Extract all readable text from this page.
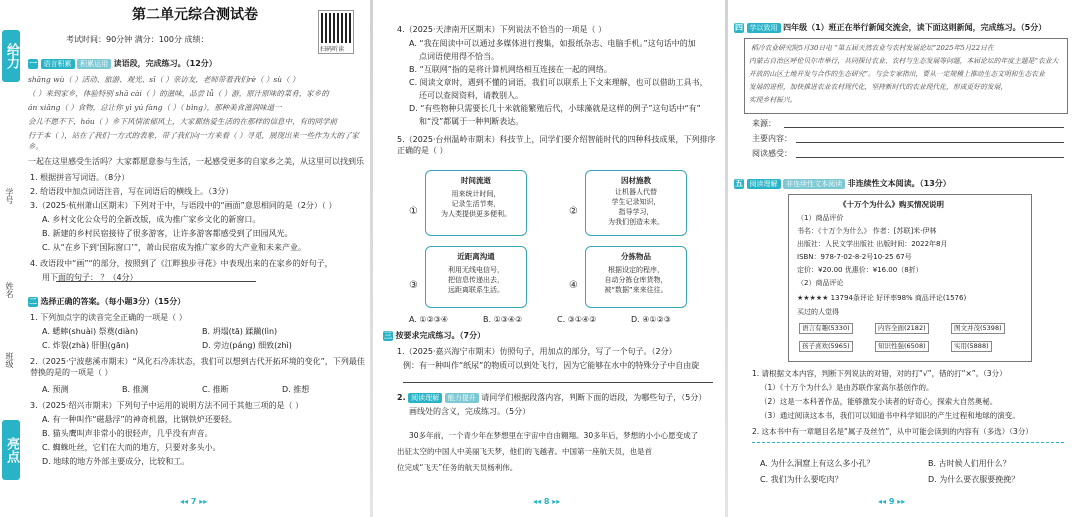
给力
学号
姓名
班级
亮点
第二单元综合测试卷
考试时间：90分钟 满分：100分 成绩：
扫码听读
一 语言积累 积累运用 读语段，完成练习。（12分）
shāng wù（ ）活动、旅游、观光、sī（ ）亲访友，老师带着我们rè（ ）sù（ ）
（ ）来到家乡，体验特别 shā cài（ ）的滋味，品尝 lǚ（ ）游，原汁原味的菜肴，家乡的
án xiǎng（ ）食物，总让你 yì yú fàng（ ）（ bìng），那种美食滋润味道一
会儿不愿不下，hóu（ ）乡下风情浓郁风土，大家都热爱生活的在那样的信息中，有的同学前
行于本（ ），站在了我们一方式的表象，带了我们向一方来看（ ）寻觅，展现出来一些作为大的了家乡。
一起在这里感受生活吗？大家都愿意参与生活，一起感受更多的自家乡之美，从这里可以找到乐
1. 根据拼音写词语。（8分）
2. 给语段中加点词语注音，写在词语后的横线上。（3分）
3.（2025·杭州萧山区期末）下列对于中，与语段中的“画面”意思相同的是（2分）（ ）
A. 乡村文化公众号的全新改版，成为推广家乡文化的新窗口。
B. 新建的乡村民宿接待了很多游客，让许多游客都感受到了田园风光。
C. 从“在乡下到‘国际窗口’”，萧山民宿成为推广家乡的大产业和未来产业。
4. 改语段中“画”“的部分，按照到了《江畔独步寻花》中表现出来的在家乡的好句子，
用下面的句子： ？（4分）
二 选择正确的答案。（每小题3分）（15分）
1. 下列加点字的读音完全正确的一项是（ ）
A. 蟋蟀(shuài) 祭奠(diàn)	B. 坍塌(tā) 蹂躏(lìn)
C. 炸裂(zhà) 肝胆(gān)	D. 旁边(páng) 细致(zhì)
2.（2025·宁波慈溪市期末）“风化石冷冻状态，我们可以想到古代开拓环境的变化”，下列最佳替换的是的一项是（ ）
A. 预测	B. 推测	C. 推断	D. 推想
3.（2025·绍兴市期末）下列句子中运用的说明方法不同于其他三项的是（ ）
A. 有一种叫作“磁悬浮”的神奇机器，比钢铁炉还要轻。
B. 猫头鹰叫声非常小的很轻声，几乎没有声音。
C. 蜘蛛吐丝，它们在大而的地方，只要对多头小。
D. 地球的地方外部主要成分，比较和工。
◂◂ 7 ▸▸
4.（2025·天津南开区期末）下列说法不恰当的一项是（ ）
A. “我在阅读中可以通过多媒体进行搜集，如报纸杂志、电脑手机。”这句话中的加
点词语使用得不恰当。
B. “互联网”指的是将计算机网络相互连接在一起的网络。
C. 阅读文章时，遇到不懂的词语，我们可以联系上下文来理解，也可以借助工具书，
还可以查阅资料，请教别人。
D. “有些物种只需要长几十米就能繁殖后代，小球藻就是这样的例子”这句话中“有”
和“没”都属于一种判断表达。
5.（2025·台州温岭市期末）科技节上，同学们要介绍智能时代的四种科技成果，下列排序正确的是（ ）
①
时间流逝
用来统计时间，
记录生活节奏，
为人类提供更多便利。	②
因材施教
让机器人代替
学生记录知识，
指导学习，
为我们创造未来。
③
近距离沟通
利用无线电信号，
把信息传递出去，
远距离联系生活。	④
分拣物品
根据设定的程序，
自动分拣仓库货物，
被“数据”来来往往。
A. ①②③④	B. ①③④②	C. ③①④②	D. ④①②③
三 按要求完成练习。（7分）
1.（2025·嘉兴海宁市期末）仿照句子，用加点的部分，写了一个句子。（2分）
例：有一种叫作“纸尿”的物质可以到处飞行，因为它能够在水中的特殊分子中自由旋
2. 阅读理解 能力提升 请同学们根据段落内容，判断下面的语段，为哪些句子，（5分）
画线处的含义，完成练习。（5分）
30多年前，一个青少年在梦想里在宇宙中自由翱翔。30多年后，梦想的小小心愿变成了
出征太空的中国人中美丽飞天梦，他们的飞越者。中国第一座航天员，也是首
位完成“飞天”任务的航天员杨利伟。
◂◂ 8 ▸▸
四 学以致用 四年级（1）班正在举行新闻交流会，读下面这则新闻，完成练习。（5分）
稻冷农业研究院5月30日电 “第五届天然农业与农村发展论坛”2025年5月22日在
内蒙古自治区呼伦贝尔市举行，共同探讨农业、农村与生态发展等问题，本届论坛的年度主题是“农业大
开放的山区土地开发与合作的生态研究”。与会专家指出，要从一定规模上推动生态文明和生态农业
发展的进程，加快推进农业农村现代化，坚持新时代的农业现代化，形成更好的发展，
实现乡村振兴。
来源：
主要内容：
阅读感受：
五 阅读理解 非连续性文本阅读 非连续性文本阅读。（13分）
《十万个为什么》购买情况说明
（1）商品评价
书名：《十万个为什么》 作者：[苏联]米·伊林
出版社：人民文学出版社 出版时间：2022年8月
ISBN：978-7-02-8-2号10-25 67号
定价：¥20.00 优惠价：¥16.00（8折）
（2）商品评论
★★★★★ 13794条评论 好评率98% 商品评论(1576)
买过的人觉得
语言有趣(5330)	内容全面(2182)	图文并茂(5398)
孩子喜欢(5965)	知识性强(6508)	实用(5888)
1. 请根据文本内容，判断下列说法的对错，对的打“√”，错的打“×”。（3分）
（1）《十万个为什么》是由苏联作家高尔基创作的。
（2）这是一本科普作品，能够激发小读者的好奇心，探索大自然奥秘。
（3）通过阅读这本书，我们可以知道书中科学知识的产生过程和地球的演变。
2. 这本书中有一章题目名是“属子及丝竹”，从中可能会读到的内容有（多选）（3分）
A. 为什么洞窟上有这么多小孔？	B. 古时候人们用什么？
C. 我们为什么要吃肉？	D. 为什么要衣服要挽挽？
◂◂ 9 ▸▸
